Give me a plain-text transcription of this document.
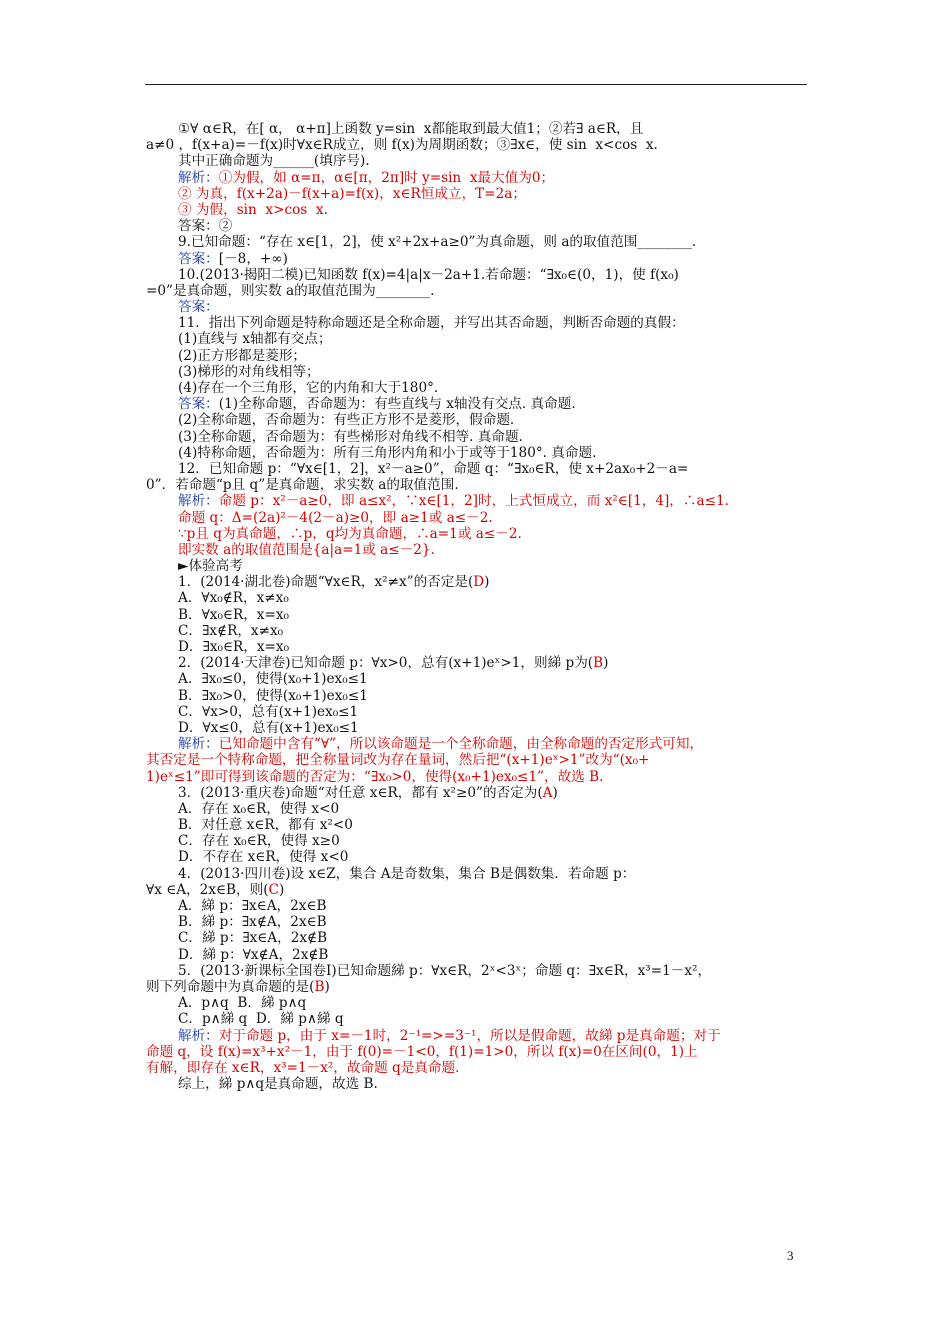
①∀ α∈R，在[ α， α+π]上函数 y=sin  x都能取到最大值1；②若∃ a∈R，且
a≠0 ，f(x+a)=－f(x)时∀x∈R成立，则 f(x)为周期函数；③∃x∈，使 sin  x<cos  x.
其中正确命题为______(填序号).
解析：①为假，如 α=π，α∈[π，2π]时 y=sin  x最大值为0；
② 为真，f(x+2a)－f(x+a)=f(x)，x∈R恒成立，T=2a；
③ 为假，sin  x>cos  x.
答案：②
9.已知命题：“存在 x∈[1，2]，使 x²+2x+a≥0”为真命题，则 a的取值范围________.
答案：[－8，+∞)
10.(2013·揭阳二模)已知函数 f(x)=4|a|x－2a+1.若命题：“∃x₀∈(0，1)，使 f(x₀)
=0”是真命题，则实数 a的取值范围为________.
答案：
11．指出下列命题是特称命题还是全称命题，并写出其否命题，判断否命题的真假：
(1)直线与 x轴都有交点；
(2)正方形都是菱形；
(3)梯形的对角线相等；
(4)存在一个三角形，它的内角和大于180°.
答案：(1)全称命题，否命题为：有些直线与 x轴没有交点. 真命题.
(2)全称命题，否命题为：有些正方形不是菱形，假命题.
(3)全称命题，否命题为：有些梯形对角线不相等. 真命题.
(4)特称命题，否命题为：所有三角形内角和小于或等于180°. 真命题.
12．已知命题 p：“∀x∈[1，2]，x²－a≥0”，命题 q：“∃x₀∈R，使 x+2ax₀+2－a=
0”．若命题“p且 q”是真命题，求实数 a的取值范围.
解析：命题 p：x²－a≥0，即 a≤x²，∵x∈[1，2]时，上式恒成立，而 x²∈[1，4]，∴a≤1.
命题 q：Δ=(2a)²－4(2－a)≥0，即 a≥1或 a≤－2.
∵p且 q为真命题，∴p，q均为真命题，∴a=1或 a≤－2.
即实数 a的取值范围是{a|a=1或 a≤－2}.
►体验高考
1．(2014·湖北卷)命题“∀x∈R，x²≠x”的否定是(D)
A．∀x₀∉R，x≠x₀
B．∀x₀∈R，x=x₀
C．∃x∉R，x≠x₀
D．∃x₀∈R，x=x₀
2．(2014·天津卷)已知命题 p：∀x>0，总有(x+1)eˣ>1，则綈 p为(B)
A．∃x₀≤0，使得(x₀+1)ex₀≤1
B．∃x₀>0，使得(x₀+1)ex₀≤1
C．∀x>0，总有(x+1)ex₀≤1
D．∀x≤0，总有(x+1)ex₀≤1
解析：已知命题中含有“∀”，所以该命题是一个全称命题，由全称命题的否定形式可知，
其否定是一个特称命题，把全称量词改为存在量词，然后把“(x+1)eˣ>1”改为“(x₀+
1)eˣ≤1”即可得到该命题的否定为：“∃x₀>0，使得(x₀+1)ex₀≤1”，故选 B.
3．(2013·重庆卷)命题“对任意 x∈R，都有 x²≥0”的否定为(A)
A．存在 x₀∈R，使得 x<0
B．对任意 x∈R，都有 x²<0
C．存在 x₀∈R，使得 x≥0
D．不存在 x∈R，使得 x<0
4．(2013·四川卷)设 x∈Z，集合 A是奇数集，集合 B是偶数集．若命题 p：
∀x ∈A，2x∈B，则(C)
A．綈 p：∃x∈A，2x∈B
B．綈 p：∃x∉A，2x∈B
C．綈 p：∃x∈A，2x∉B
D．綈 p：∀x∉A，2x∉B
5．(2013·新课标全国卷Ⅰ)已知命题綈 p：∀x∈R，2ˣ<3ˣ；命题 q：∃x∈R，x³=1－x²，
则下列命题中为真命题的是(B)
A．p∧q  B．綈 p∧q
C．p∧綈 q  D．綈 p∧綈 q
解析：对于命题 p，由于 x=－1时，2⁻¹=>=3⁻¹，所以是假命题，故綈 p是真命题；对于
命题 q，设 f(x)=x³+x²－1，由于 f(0)=－1<0，f(1)=1>0，所以 f(x)=0在区间(0，1)上
有解，即存在 x∈R，x³=1－x²，故命题 q是真命题.
综上，綈 p∧q是真命题，故选 B.
3
